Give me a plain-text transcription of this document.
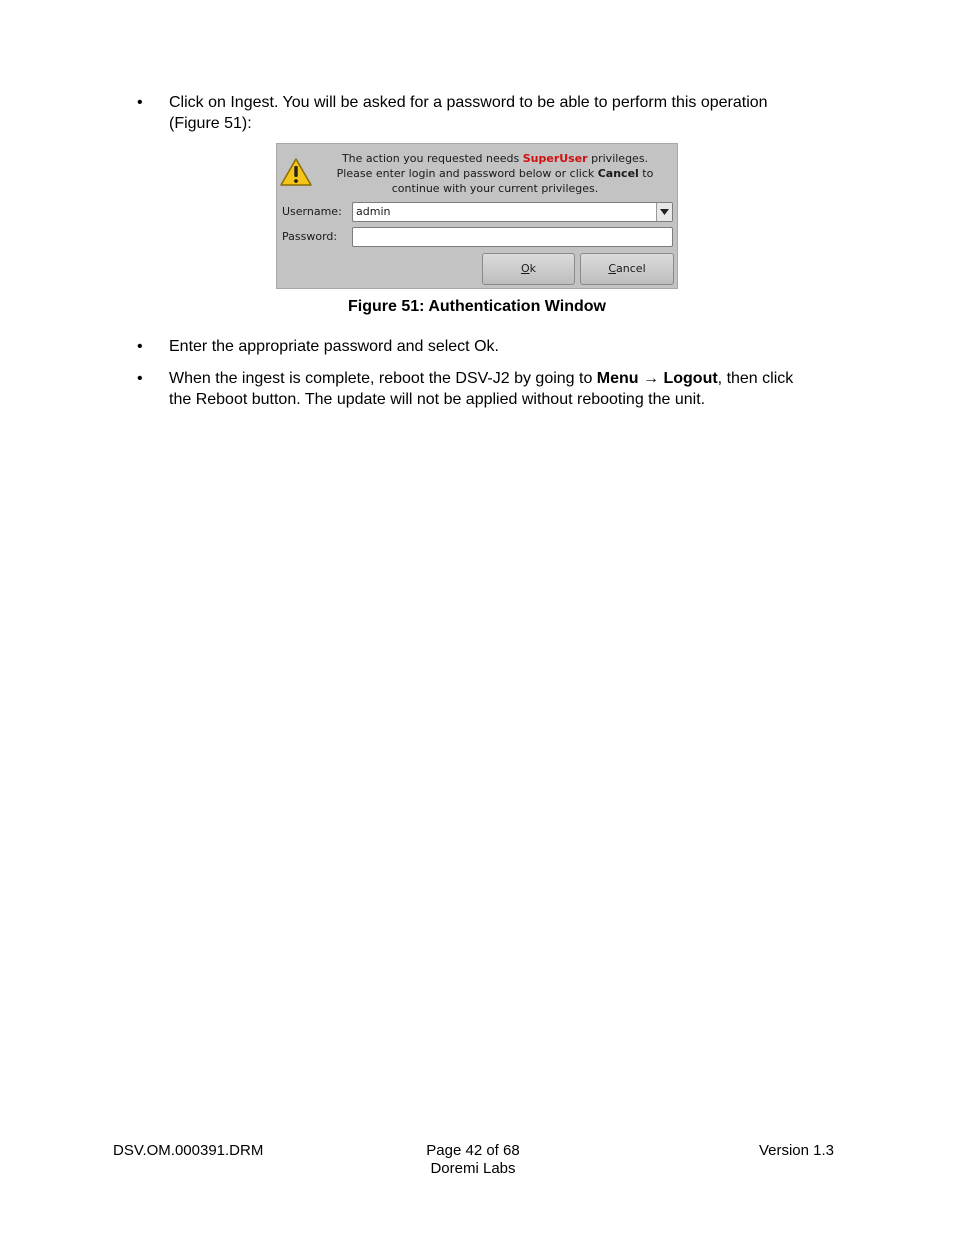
•	Click on Ingest. You will be asked for a password to be able to perform this operation
(Figure 51):
The action you requested needs SuperUser privileges.
Please enter login and password below or click Cancel to
continue with your current privileges.
Username:	admin
Password:
Ok	Cancel
Figure 51: Authentication Window
•	Enter the appropriate password and select Ok.
•	When the ingest is complete, reboot the DSV-J2 by going to Menu → Logout, then click
the Reboot button. The update will not be applied without rebooting the unit.
DSV.OM.000391.DRM	Page 42 of 68
Doremi Labs
Version 1.3
